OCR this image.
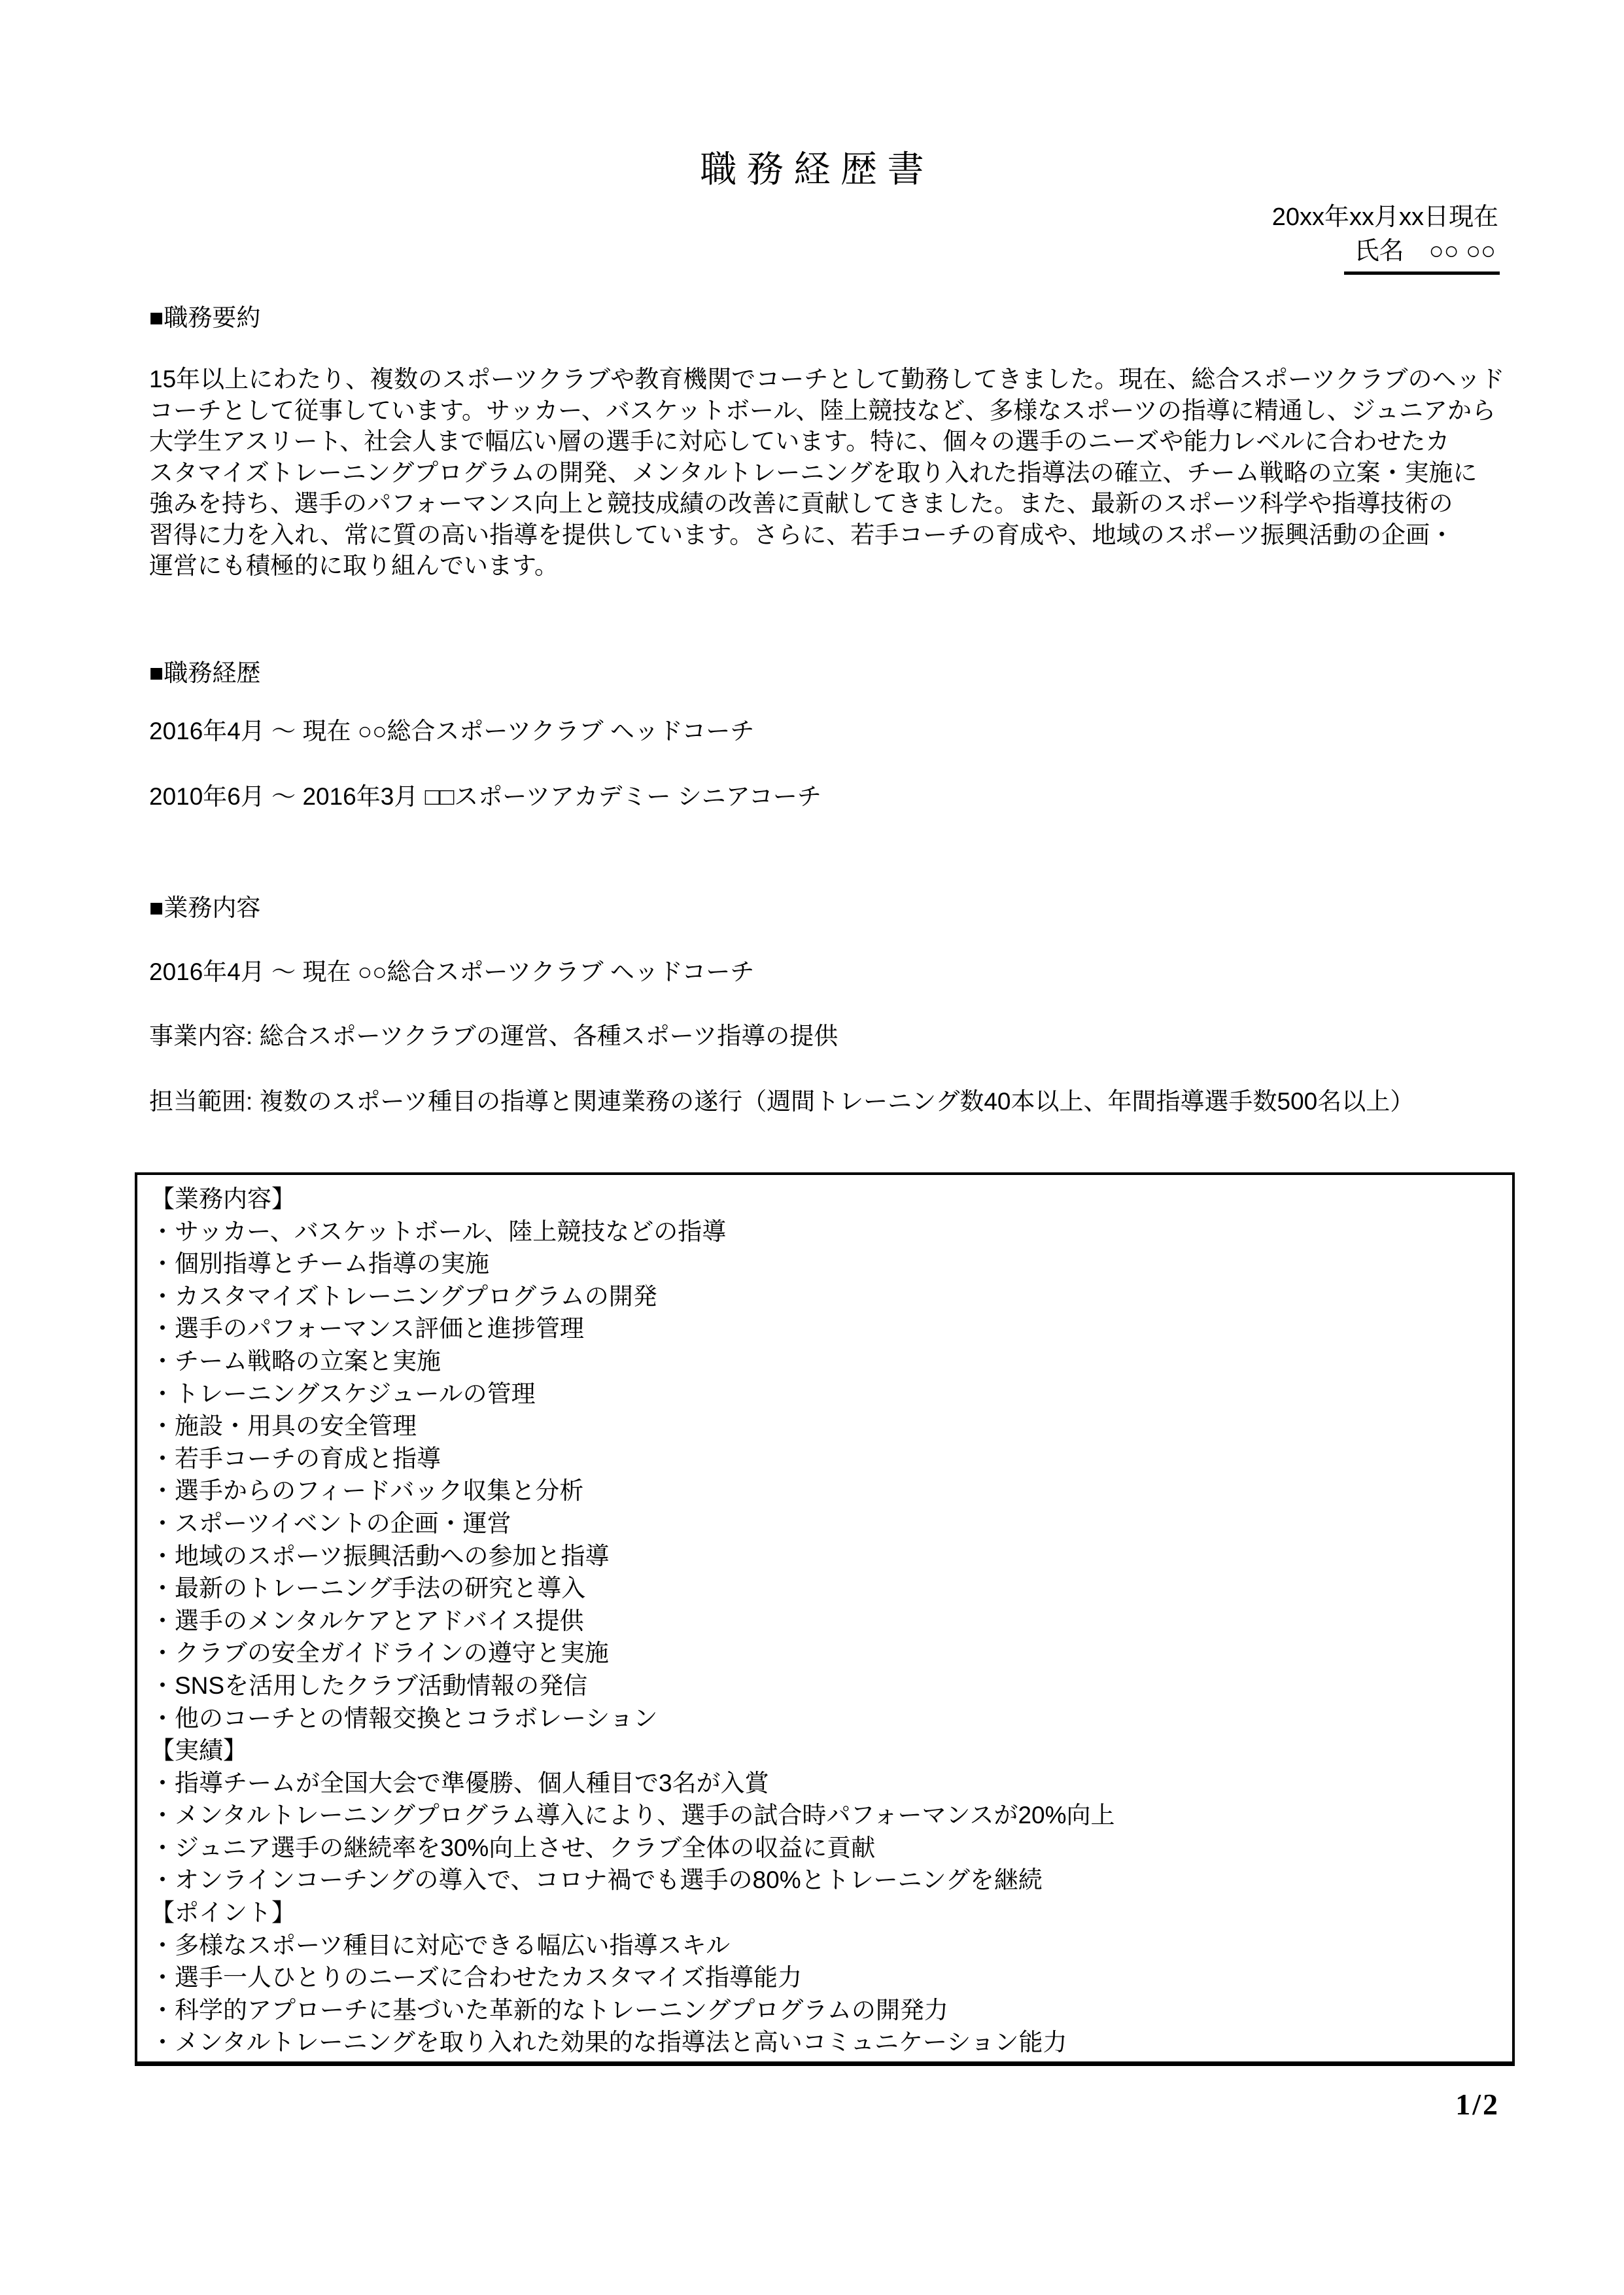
職 務 経 歴 書
20xx年xx月xx日現在
氏名　○○ ○○
■職務要約
15年以上にわたり、複数のスポーツクラブや教育機関でコーチとして勤務してきました。現在、総合スポーツクラブのヘッド
コーチとして従事しています。サッカー、バスケットボール、陸上競技など、多様なスポーツの指導に精通し、ジュニアから
大学生アスリート、社会人まで幅広い層の選手に対応しています。特に、個々の選手のニーズや能力レベルに合わせたカ
スタマイズトレーニングプログラムの開発、メンタルトレーニングを取り入れた指導法の確立、チーム戦略の立案・実施に
強みを持ち、選手のパフォーマンス向上と競技成績の改善に貢献してきました。また、最新のスポーツ科学や指導技術の
習得に力を入れ、常に質の高い指導を提供しています。さらに、若手コーチの育成や、地域のスポーツ振興活動の企画・
運営にも積極的に取り組んでいます。
■職務経歴
2016年4月 ～ 現在 ○○総合スポーツクラブ ヘッドコーチ
2010年6月 ～ 2016年3月 □□スポーツアカデミー シニアコーチ
■業務内容
2016年4月 ～ 現在 ○○総合スポーツクラブ ヘッドコーチ
事業内容: 総合スポーツクラブの運営、各種スポーツ指導の提供
担当範囲: 複数のスポーツ種目の指導と関連業務の遂行（週間トレーニング数40本以上、年間指導選手数500名以上）
【業務内容】
・サッカー、バスケットボール、陸上競技などの指導
・個別指導とチーム指導の実施
・カスタマイズトレーニングプログラムの開発
・選手のパフォーマンス評価と進捗管理
・チーム戦略の立案と実施
・トレーニングスケジュールの管理
・施設・用具の安全管理
・若手コーチの育成と指導
・選手からのフィードバック収集と分析
・スポーツイベントの企画・運営
・地域のスポーツ振興活動への参加と指導
・最新のトレーニング手法の研究と導入
・選手のメンタルケアとアドバイス提供
・クラブの安全ガイドラインの遵守と実施
・SNSを活用したクラブ活動情報の発信
・他のコーチとの情報交換とコラボレーション
【実績】
・指導チームが全国大会で準優勝、個人種目で3名が入賞
・メンタルトレーニングプログラム導入により、選手の試合時パフォーマンスが20%向上
・ジュニア選手の継続率を30%向上させ、クラブ全体の収益に貢献
・オンラインコーチングの導入で、コロナ禍でも選手の80%とトレーニングを継続
【ポイント】
・多様なスポーツ種目に対応できる幅広い指導スキル
・選手一人ひとりのニーズに合わせたカスタマイズ指導能力
・科学的アプローチに基づいた革新的なトレーニングプログラムの開発力
・メンタルトレーニングを取り入れた効果的な指導法と高いコミュニケーション能力
1/2
